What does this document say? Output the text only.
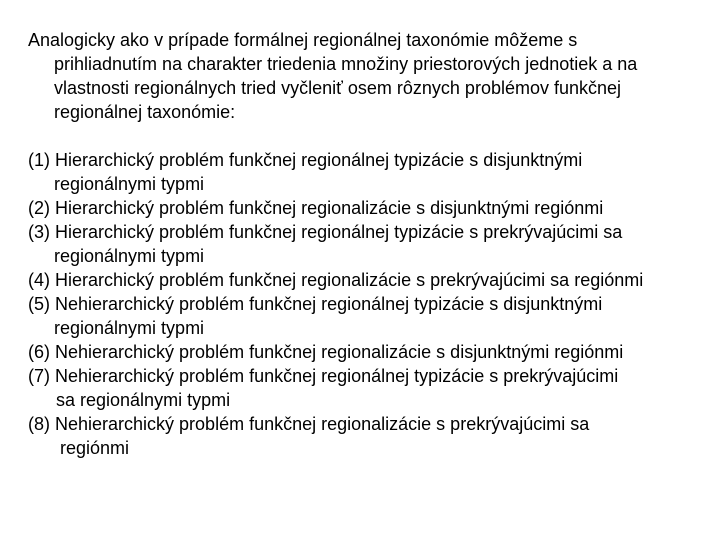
Analogicky ako v prípade formálnej regionálnej taxonómie môžeme s
prihliadnutím na charakter triedenia množiny priestorových jednotiek a na
vlastnosti regionálnych tried vyčleniť osem rôznych problémov funkčnej
regionálnej taxonómie:

(1) Hierarchický problém funkčnej regionálnej typizácie s disjunktnými
regionálnymi typmi
(2) Hierarchický problém funkčnej regionalizácie s disjunktnými regiónmi
(3) Hierarchický problém funkčnej regionálnej typizácie s prekrývajúcimi sa
regionálnymi typmi
(4) Hierarchický problém funkčnej regionalizácie s prekrývajúcimi sa regiónmi
(5) Nehierarchický problém funkčnej regionálnej typizácie s disjunktnými
regionálnymi typmi
(6) Nehierarchický problém funkčnej regionalizácie s disjunktnými regiónmi
(7) Nehierarchický problém funkčnej regionálnej typizácie s prekrývajúcimi
sa regionálnymi typmi
(8) Nehierarchický problém funkčnej regionalizácie s prekrývajúcimi sa
regiónmi
